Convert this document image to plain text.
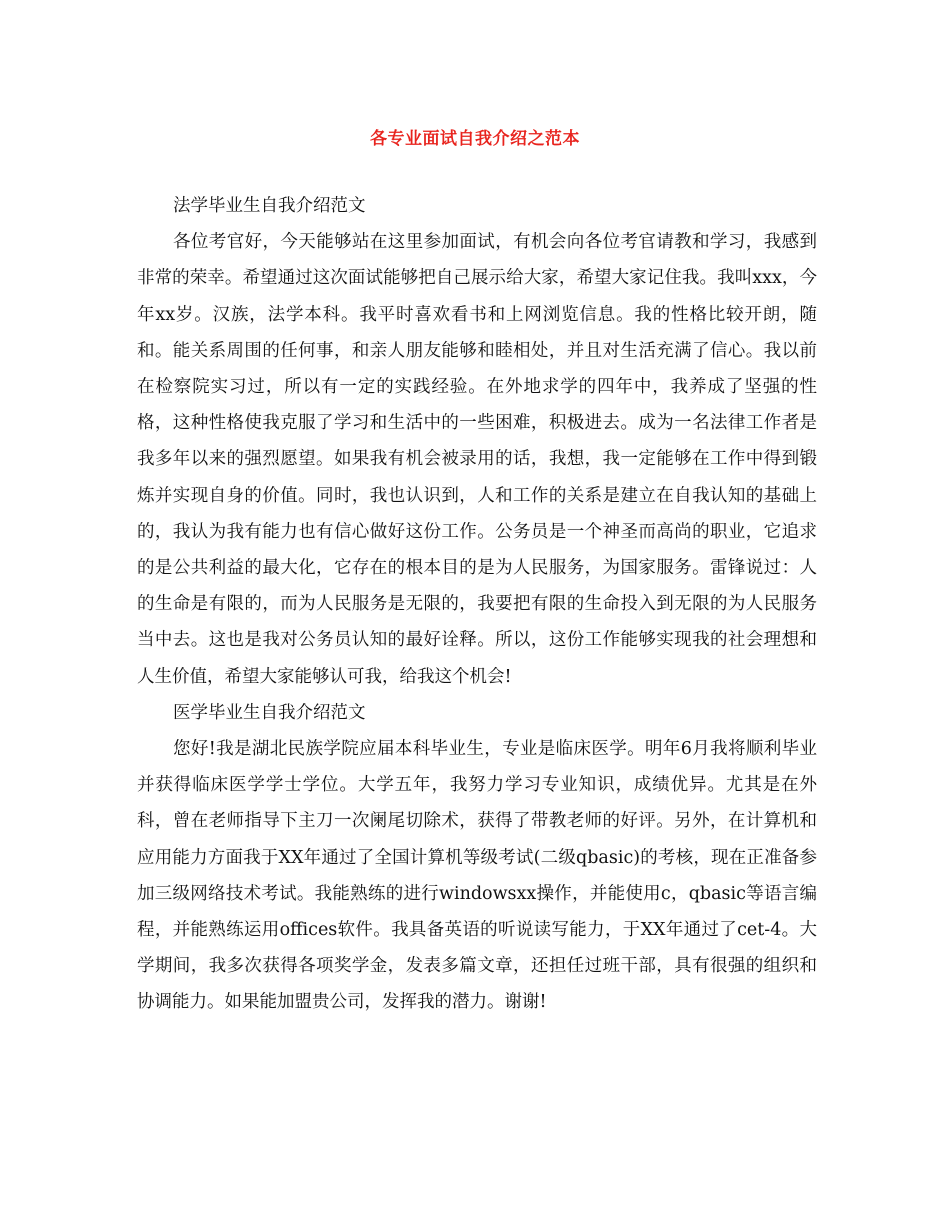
各专业面试自我介绍之范本

法学毕业生自我介绍范文

各位考官好，今天能够站在这里参加面试，有机会向各位考官请教和学习，我感到非常的荣幸。希望通过这次面试能够把自己展示给大家，希望大家记住我。我叫xxx，今年xx岁。汉族，法学本科。我平时喜欢看书和上网浏览信息。我的性格比较开朗，随和。能关系周围的任何事，和亲人朋友能够和睦相处，并且对生活充满了信心。我以前在检察院实习过，所以有一定的实践经验。在外地求学的四年中，我养成了坚强的性格，这种性格使我克服了学习和生活中的一些困难，积极进去。成为一名法律工作者是我多年以来的强烈愿望。如果我有机会被录用的话，我想，我一定能够在工作中得到锻炼并实现自身的价值。同时，我也认识到，人和工作的关系是建立在自我认知的基础上的，我认为我有能力也有信心做好这份工作。公务员是一个神圣而高尚的职业，它追求的是公共利益的最大化，它存在的根本目的是为人民服务，为国家服务。雷锋说过：人的生命是有限的，而为人民服务是无限的，我要把有限的生命投入到无限的为人民服务当中去。这也是我对公务员认知的最好诠释。所以，这份工作能够实现我的社会理想和人生价值，希望大家能够认可我，给我这个机会!

医学毕业生自我介绍范文

您好!我是湖北民族学院应届本科毕业生，专业是临床医学。明年6月我将顺利毕业并获得临床医学学士学位。大学五年，我努力学习专业知识，成绩优异。尤其是在外科，曾在老师指导下主刀一次阑尾切除术，获得了带教老师的好评。另外，在计算机和应用能力方面我于XX年通过了全国计算机等级考试(二级qbasic)的考核，现在正准备参加三级网络技术考试。我能熟练的进行windowsxx操作，并能使用c，qbasic等语言编程，并能熟练运用offices软件。我具备英语的听说读写能力，于XX年通过了cet-4。大学期间，我多次获得各项奖学金，发表多篇文章，还担任过班干部，具有很强的组织和协调能力。如果能加盟贵公司，发挥我的潜力。谢谢!
